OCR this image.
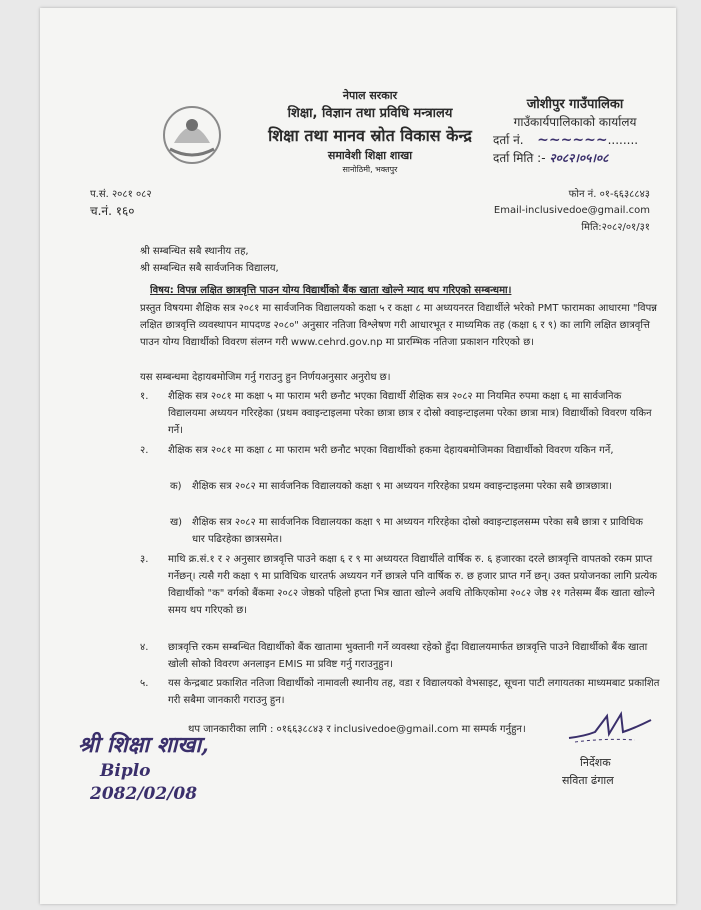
नेपाल सरकार
शिक्षा, विज्ञान तथा प्रविधि मन्त्रालय
शिक्षा तथा मानव स्रोत विकास केन्द्र
समावेशी शिक्षा शाखा
सानोठिमी, भक्तपुर
जोशीपुर गाउँपालिका
गाउँकार्यपालिकाको कार्यालय
दर्ता नं.   ~~~~~~........
दर्ता मिति :- २०८२।०५।०८
प.सं. २०८१ ०८२
च.नं. १६०
फोन नं. ०१-६६३८८४३
Email-inclusivedoe@gmail.com
मिति:२०८२/०१/३१
श्री सम्बन्धित सबै स्थानीय तह,
श्री सम्बन्धित सबै सार्वजनिक विद्यालय,
विषय: विपन्न लक्षित छात्रवृत्ति पाउन योग्य विद्यार्थीको बैंक खाता खोल्ने म्याद थप गरिएको सम्बन्धमा।
प्रस्तुत विषयमा शैक्षिक सत्र २०८१ मा सार्वजनिक विद्यालयको कक्षा ५ र कक्षा ८ मा अध्ययनरत विद्यार्थीले भरेको PMT फारामका आधारमा "विपन्न लक्षित छात्रवृत्ति व्यवस्थापन मापदण्ड २०८०" अनुसार नतिजा विश्लेषण गरी आधारभूत र माध्यमिक तह (कक्षा ६ र ९) का लागि लक्षित छात्रवृत्ति पाउन योग्य विद्यार्थीको विवरण संलग्न गरी www.cehrd.gov.np मा प्रारम्भिक नतिजा प्रकाशन गरिएको छ।
यस सम्बन्धमा देहायबमोजिम गर्नु गराउनु हुन निर्णयअनुसार अनुरोध छ।
१. शैक्षिक सत्र २०८१ मा कक्षा ५ मा फाराम भरी छनौट भएका विद्यार्थी शैक्षिक सत्र २०८२ मा नियमित रुपमा कक्षा ६ मा सार्वजनिक विद्यालयमा अध्ययन गरिरहेका (प्रथम क्वाइन्टाइलमा परेका छात्रा छात्र र दोस्रो क्वाइन्टाइलमा परेका छात्रा मात्र) विद्यार्थीको विवरण यकिन गर्ने।
२. शैक्षिक सत्र २०८१ मा कक्षा ८ मा फाराम भरी छनौट भएका विद्यार्थीको हकमा देहायबमोजिमका विद्यार्थीको विवरण यकिन गर्ने,
क) शैक्षिक सत्र २०८२ मा सार्वजनिक विद्यालयको कक्षा ९ मा अध्ययन गरिरहेका प्रथम क्वाइन्टाइलमा परेका सबै छात्रछात्रा।
ख) शैक्षिक सत्र २०८२ मा सार्वजनिक विद्यालयका कक्षा ९ मा अध्ययन गरिरहेका दोस्रो क्वाइन्टाइलसम्म परेका सबै छात्रा र प्राविधिक धार पढिरहेका छात्रसमेत।
३. माथि क्र.सं.१ र २ अनुसार छात्रवृत्ति पाउने कक्षा ६ र ९ मा अध्ययरत विद्यार्थीले वार्षिक रु. ६ हजारका दरले छात्रवृत्ति वापतको रकम प्राप्त गर्नेछन्। त्यसै गरी कक्षा ९ मा प्राविधिक धारतर्फ अध्ययन गर्ने छात्रले पनि वार्षिक रु. छ हजार प्राप्त गर्ने छन्। उक्त प्रयोजनका लागि प्रत्येक विद्यार्थीको "क" वर्गको बैंकमा २०८२ जेष्ठको पहिलो हप्ता भित्र खाता खोल्ने अवधि तोकिएकोमा २०८२ जेष्ठ २१ गतेसम्म बैंक खाता खोल्ने समय थप गरिएको छ।
४. छात्रवृत्ति रकम सम्बन्धित विद्यार्थीको बैंक खातामा भुक्तानी गर्ने व्यवस्था रहेको हुँदा विद्यालयमार्फत छात्रवृत्ति पाउने विद्यार्थीको बैंक खाता खोली सोको विवरण अनलाइन EMIS मा प्रविष्ट गर्नु गराउनुहुन।
५. यस केन्द्रबाट प्रकाशित नतिजा विद्यार्थीको नामावली स्थानीय तह, वडा र विद्यालयको वेभसाइट, सूचना पाटी लगायतका माध्यमबाट प्रकाशित गरी सबैमा जानकारी गराउनु हुन।
थप जानकारीका लागि : ०१६६३८८४३ र inclusivedoe@gmail.com मा सम्पर्क गर्नुहुन।
निर्देशक
सविता ढंगाल
श्री शिक्षा शाखा,
Biplo
2082/02/08
